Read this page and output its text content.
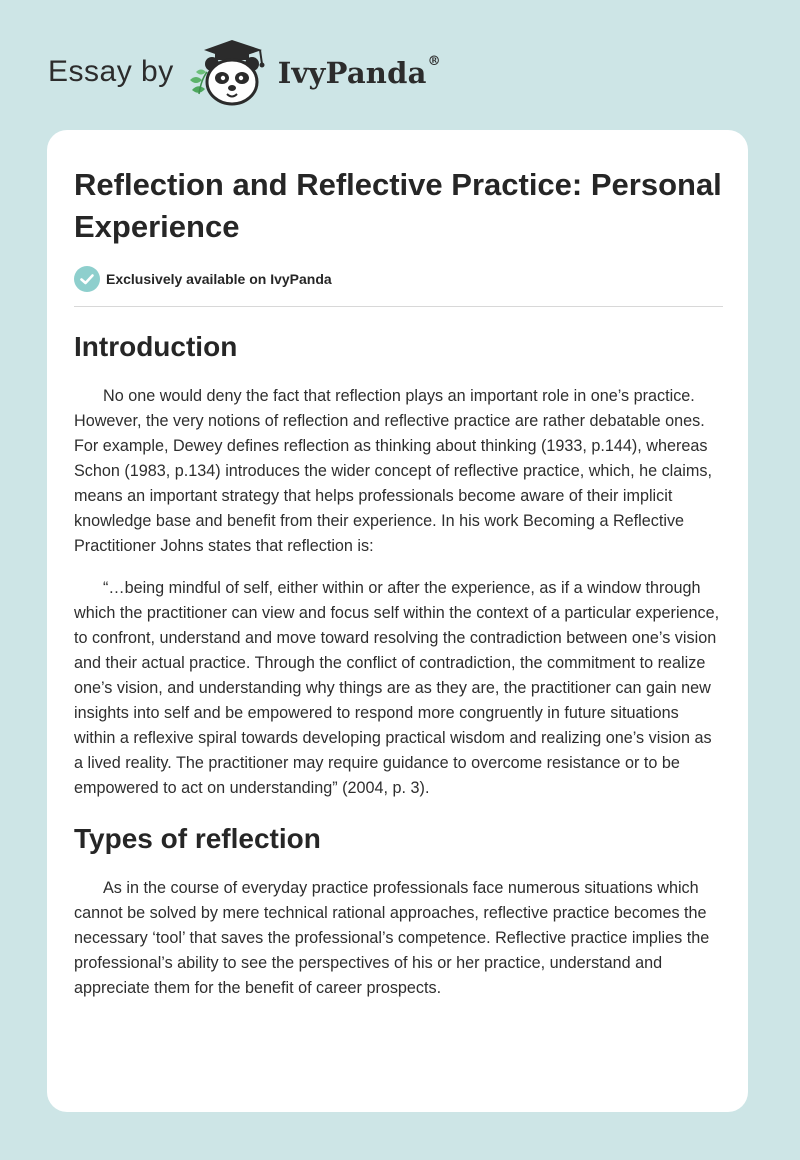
Essay by	IvyPanda®
Reflection and Reflective Practice: Personal Experience
Exclusively available on IvyPanda
Introduction

No one would deny the fact that reflection plays an important role in one’s practice. However, the very notions of reflection and reflective practice are rather debatable ones. For example, Dewey defines reflection as thinking about thinking (1933, p.144), whereas Schon (1983, p.134) introduces the wider concept of reflective practice, which, he claims, means an important strategy that helps professionals become aware of their implicit knowledge base and benefit from their experience. In his work Becoming a Reflective Practitioner Johns states that reflection is:

“…being mindful of self, either within or after the experience, as if a window through which the practitioner can view and focus self within the context of a particular experience, to confront, understand and move toward resolving the contradiction between one’s vision and their actual practice. Through the conflict of contradiction, the commitment to realize one’s vision, and understanding why things are as they are, the practitioner can gain new insights into self and be empowered to respond more congruently in future situations within a reflexive spiral towards developing practical wisdom and realizing one’s vision as a lived reality. The practitioner may require guidance to overcome resistance or to be empowered to act on understanding” (2004, p. 3).

Types of reflection

As in the course of everyday practice professionals face numerous situations which cannot be solved by mere technical rational approaches, reflective practice becomes the necessary ‘tool’ that saves the professional’s competence. Reflective practice implies the professional’s ability to see the perspectives of his or her practice, understand and appreciate them for the benefit of career prospects.
